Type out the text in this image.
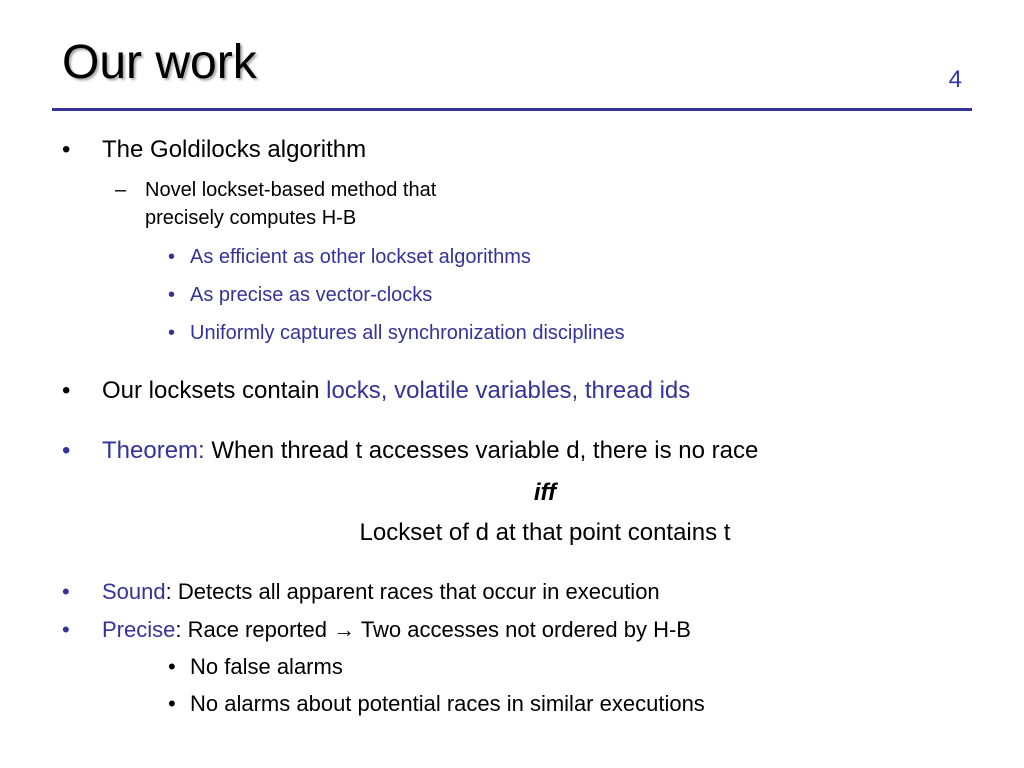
Our work	4
• The Goldilocks algorithm
– Novel lockset-based method that
precisely computes H-B
• As efficient as other lockset algorithms
• As precise as vector-clocks
• Uniformly captures all synchronization disciplines
• Our locksets contain locks, volatile variables, thread ids
• Theorem: When thread t accesses variable d, there is no race
iff
Lockset of d at that point contains t
• Sound: Detects all apparent races that occur in execution
• Precise: Race reported → Two accesses not ordered by H-B
• No false alarms
• No alarms about potential races in similar executions
